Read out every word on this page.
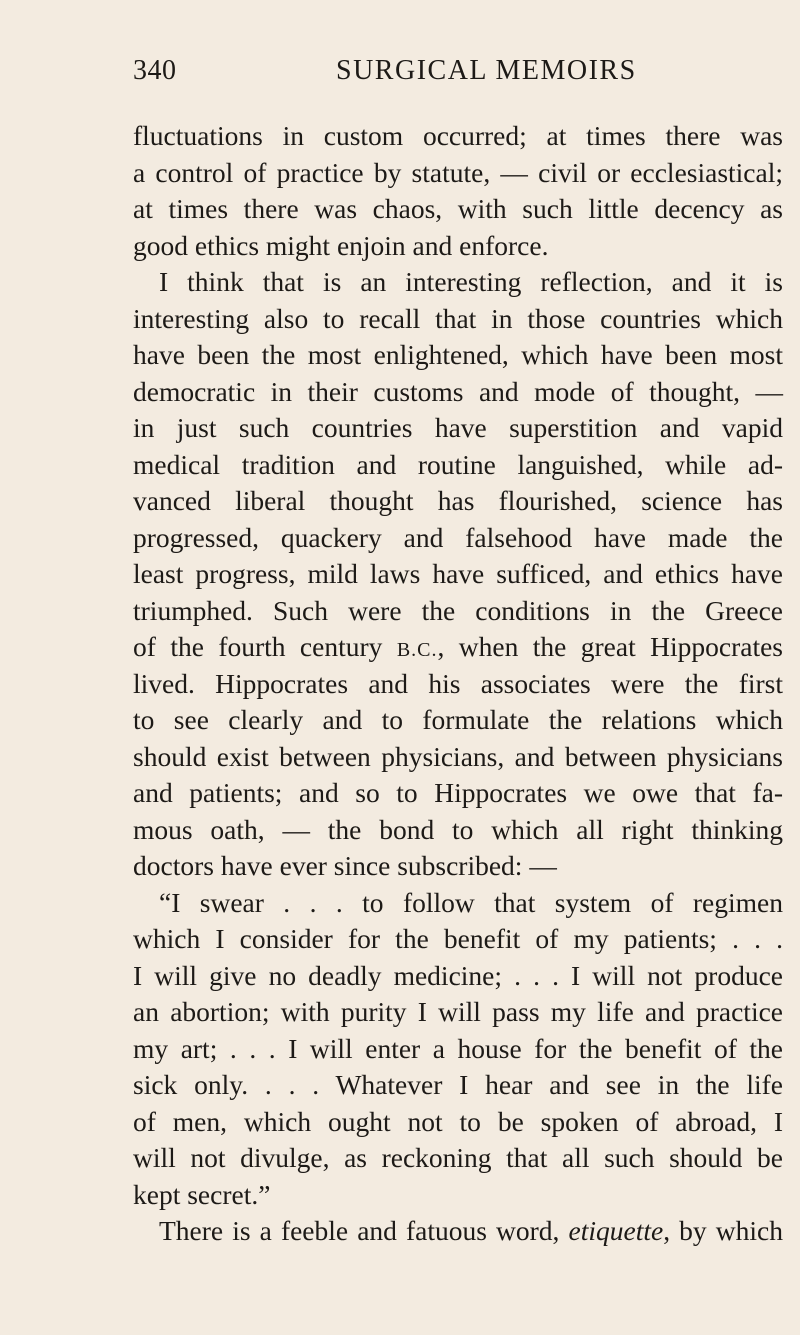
340	SURGICAL MEMOIRS
fluctuations in custom occurred; at times there was
a control of practice by statute, — civil or ecclesiastical;
at times there was chaos, with such little decency as
good ethics might enjoin and enforce.
I think that is an interesting reflection, and it is
interesting also to recall that in those countries which
have been the most enlightened, which have been most
democratic in their customs and mode of thought, —
in just such countries have superstition and vapid
medical tradition and routine languished, while ad-
vanced liberal thought has flourished, science has
progressed, quackery and falsehood have made the
least progress, mild laws have sufficed, and ethics have
triumphed. Such were the conditions in the Greece
of the fourth century B.C., when the great Hippocrates
lived. Hippocrates and his associates were the first
to see clearly and to formulate the relations which
should exist between physicians, and between physicians
and patients; and so to Hippocrates we owe that fa-
mous oath, — the bond to which all right thinking
doctors have ever since subscribed: —
“I swear . . . to follow that system of regimen
which I consider for the benefit of my patients; . . .
I will give no deadly medicine; . . . I will not produce
an abortion; with purity I will pass my life and practice
my art; . . . I will enter a house for the benefit of the
sick only. . . . Whatever I hear and see in the life
of men, which ought not to be spoken of abroad, I
will not divulge, as reckoning that all such should be
kept secret.”
There is a feeble and fatuous word, etiquette, by which
